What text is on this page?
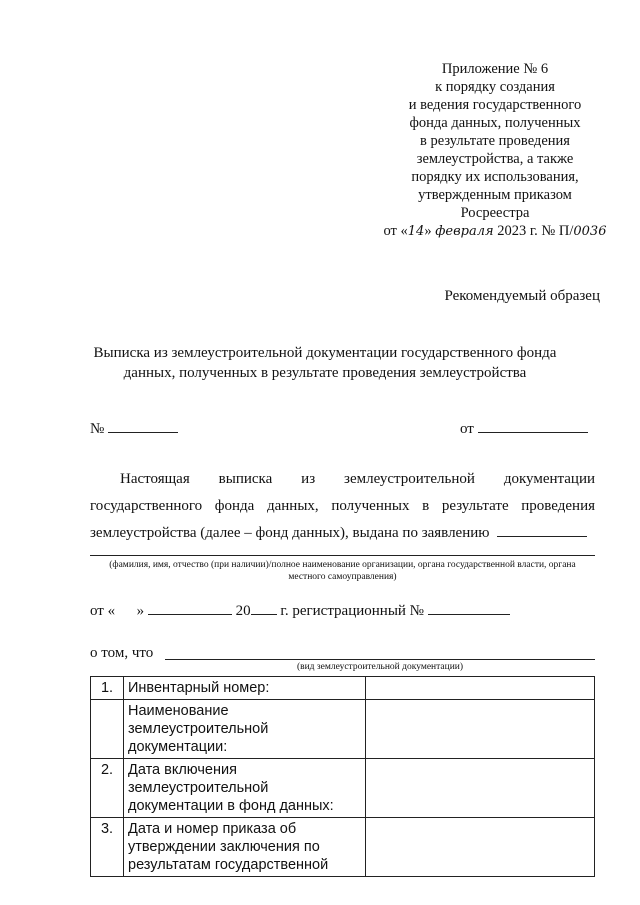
Приложение № 6
к порядку создания
и ведения государственного
фонда данных, полученных
в результате проведения
землеустройства, а также
порядку их использования,
утвержденным приказом
Росреестра
от «14» февраля 2023 г. № П/0036
Рекомендуемый образец
Выписка из землеустроительной документации государственного фонда данных, полученных в результате проведения землеустройства
№	от
Настоящая выписка из землеустроительной документации
государственного фонда данных, полученных в результате проведения
землеустройства (далее – фонд данных), выдана по заявлению
(фамилия, имя, отчество (при наличии)/полное наименование организации, органа государственной власти, органа местного самоуправления)
от « »	20 г. регистрационный №
о том, что
(вид землеустроительной документации)
1.	Инвентарный номер:	
	Наименование землеустроительной документации:	
2.	Дата включения землеустроительной документации в фонд данных:	
3.	Дата и номер приказа об утверждении заключения по результатам государственной	
